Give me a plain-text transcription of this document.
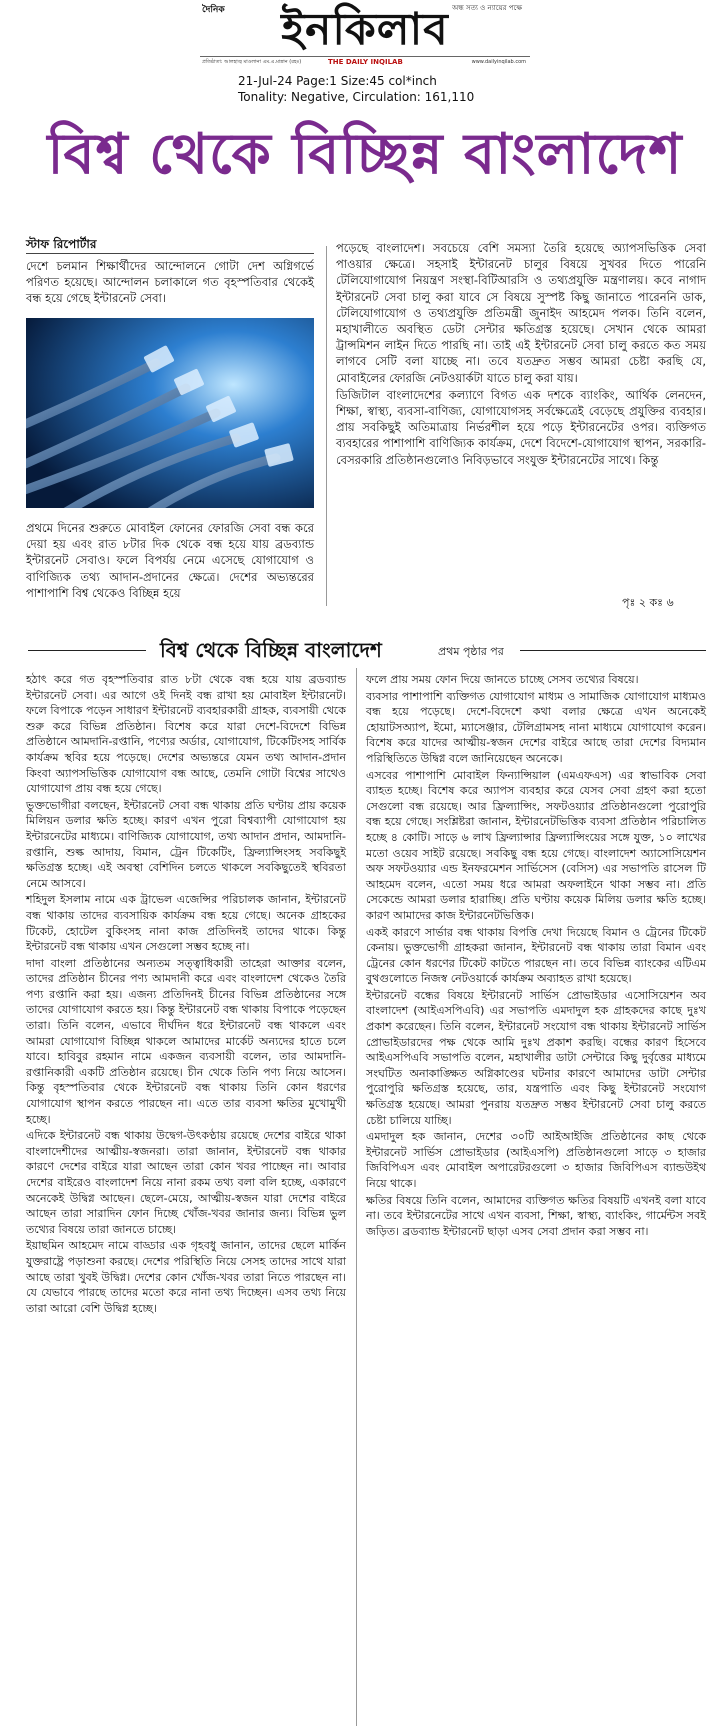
দৈনিক	অন্ধ সত্য ও ন্যায়ের পক্ষে
ইনকিলাব
প্রতিষ্ঠাতা: আলহাজ্ব মাওলানা এম.এ.মান্নান (রহঃ)	THE DAILY INQILAB	www.dailyinqilab.com
21-Jul-24 Page:1 Size:45 col*inch
Tonality: Negative, Circulation: 161,110
বিশ্ব থেকে বিচ্ছিন্ন বাংলাদেশ
স্টাফ রিপোর্টার

দেশে চলমান শিক্ষার্থীদের আন্দোলনে গোটা দেশ অগ্নিগর্ভে পরিণত হয়েছে। আন্দোলন চলাকালে গত বৃহস্পতিবার থেকেই বন্ধ হয়ে গেছে ইন্টারনেট সেবা।

প্রথমে দিনের শুরুতে মোবাইল ফোনের ফোরজি সেবা বন্ধ করে দেয়া হয় এবং রাত ৮টার দিক থেকে বন্ধ হয়ে যায় ব্রডব্যান্ড ইন্টারনেট সেবাও। ফলে বিপর্যয় নেমে এসেছে যোগাযোগ ও বাণিজ্যিক তথ্য আদান-প্রদানের ক্ষেত্রে। দেশের অভ্যন্তরের পাশাপাশি বিশ্ব থেকেও বিচ্ছিন্ন হয়ে

পড়েছে বাংলাদেশ। সবচেয়ে বেশি সমস্যা তৈরি হয়েছে অ্যাপসভিত্তিক সেবা পাওয়ার ক্ষেত্রে। সহসাই ইন্টারনেট চালুর বিষয়ে সুখবর দিতে পারেনি টেলিযোগাযোগ নিয়ন্ত্রণ সংস্থা-বিটিআরসি ও তথ্যপ্রযুক্তি মন্ত্রণালয়। কবে নাগাদ ইন্টারনেট সেবা চালু করা যাবে সে বিষয়ে সুস্পষ্ট কিছু জানাতে পারেননি ডাক, টেলিযোগাযোগ ও তথ্যপ্রযুক্তি প্রতিমন্ত্রী জুনাইদ আহমেদ পলক। তিনি বলেন, মহাখালীতে অবস্থিত ডেটা সেন্টার ক্ষতিগ্রস্ত হয়েছে। সেখান থেকে আমরা ট্রান্সমিশন লাইন দিতে পারছি না। তাই এই ইন্টারনেট সেবা চালু করতে কত সময় লাগবে সেটি বলা যাচ্ছে না। তবে যতদ্রুত সম্ভব আমরা চেষ্টা করছি যে, মোবাইলের ফোরজি নেটওয়ার্কটা যাতে চালু করা যায়।

ডিজিটাল বাংলাদেশের কল্যাণে বিগত এক দশকে ব্যাংকিং, আর্থিক লেনদেন, শিক্ষা, স্বাস্থ্য, ব্যবসা-বাণিজ্য, যোগাযোগসহ সর্বক্ষেত্রেই বেড়েছে প্রযুক্তির ব্যবহার। প্রায় সবকিছুই অতিমাত্রায় নির্ভরশীল হয়ে পড়ে ইন্টারনেটের ওপর। ব্যক্তিগত ব্যবহারের পাশাপাশি বাণিজ্যিক কার্যক্রম, দেশে বিদেশে-যোগাযোগ স্থাপন, সরকারি-বেসরকারি প্রতিষ্ঠানগুলোও নিবিড়ভাবে সংযুক্ত ইন্টারনেটের সাথে। কিন্তু

পৃঃ ২ কঃ ৬
বিশ্ব থেকে বিচ্ছিন্ন বাংলাদেশ	প্রথম পৃষ্ঠার পর

হঠাৎ করে গত বৃহস্পতিবার রাত ৮টা থেকে বন্ধ হয়ে যায় ব্রডব্যান্ড ইন্টারনেট সেবা। এর আগে ওই দিনই বন্ধ রাখা হয় মোবাইল ইন্টারনেট। ফলে বিপাকে পড়েন সাধারণ ইন্টারনেট ব্যবহারকারী গ্রাহক, ব্যবসায়ী থেকে শুরু করে বিভিন্ন প্রতিষ্ঠান। বিশেষ করে যারা দেশে-বিদেশে বিভিন্ন প্রতিষ্ঠানে আমদানি-রপ্তানি, পণ্যের অর্ডার, যোগাযোগ, টিকেটিংসহ সার্বিক কার্যক্রম স্থবির হয়ে পড়েছে। দেশের অভ্যন্তরে যেমন তথ্য আদান-প্রদান কিংবা অ্যাপসভিত্তিক যোগাযোগ বন্ধ আছে, তেমনি গোটা বিশ্বের সাথেও যোগাযোগ প্রায় বন্ধ হয়ে গেছে।

ভুক্তভোগীরা বলছেন, ইন্টারনেট সেবা বন্ধ থাকায় প্রতি ঘণ্টায় প্রায় কয়েক মিলিয়ন ডলার ক্ষতি হচ্ছে। কারণ এখন পুরো বিশ্বব্যাপী যোগাযোগ হয় ইন্টারনেটের মাধ্যমে। বাণিজ্যিক যোগাযোগ, তথ্য আদান প্রদান, আমদানি-রপ্তানি, শুল্ক আদায়, বিমান, ট্রেন টিকেটিং, ফ্রিল্যান্সিংসহ সবকিছুই ক্ষতিগ্রস্ত হচ্ছে। এই অবস্থা বেশিদিন চলতে থাকলে সবকিছুতেই স্থবিরতা নেমে আসবে।

শহিদুল ইসলাম নামে এক ট্রাভেল এজেন্সির পরিচালক জানান, ইন্টারনেট বন্ধ থাকায় তাদের ব্যবসায়িক কার্যক্রম বন্ধ হয়ে গেছে। অনেক গ্রাহকের টিকেট, হোটেল বুকিংসহ নানা কাজ প্রতিদিনই তাদের থাকে। কিন্তু ইন্টারনেট বন্ধ থাকায় এখন সেগুলো সম্ভব হচ্ছে না।

দাদা বাংলা প্রতিষ্ঠানের অন্যতম সত্ত্বাধিকারী তাহেরা আক্তার বলেন, তাদের প্রতিষ্ঠান চীনের পণ্য আমদানী করে এবং বাংলাদেশ থেকেও তৈরি পণ্য রপ্তানি করা হয়। এজন্য প্রতিদিনই চীনের বিভিন্ন প্রতিষ্ঠানের সঙ্গে তাদের যোগাযোগ করতে হয়। কিন্তু ইন্টারনেট বন্ধ থাকায় বিপাকে পড়েছেন তারা। তিনি বলেন, এভাবে দীর্ঘদিন ধরে ইন্টারনেট বন্ধ থাকলে এবং আমরা যোগাযোগ বিচ্ছিন্ন থাকলে আমাদের মার্কেট অন্যদের হাতে চলে যাবে। হাবিবুর রহমান নামে একজন ব্যবসায়ী বলেন, তার আমদানি-রপ্তানিকারী একটি প্রতিষ্ঠান রয়েছে। চীন থেকে তিনি পণ্য নিয়ে আসেন। কিন্তু বৃহস্পতিবার থেকে ইন্টারনেট বন্ধ থাকায় তিনি কোন ধরণের যোগাযোগ স্থাপন করতে পারছেন না। এতে তার ব্যবসা ক্ষতির মুখোমুখী হচ্ছে।

এদিকে ইন্টারনেট বন্ধ থাকায় উদ্বেগ-উৎকণ্ঠায় রয়েছে দেশের বাইরে থাকা বাংলাদেশীদের আত্মীয়-স্বজনরা। তারা জানান, ইন্টারনেট বন্ধ থাকার কারণে দেশের বাইরে যারা আছেন তারা কোন খবর পাচ্ছেন না। আবার দেশের বাইরেও বাংলাদেশ নিয়ে নানা রকম তথ্য বলা বলি হচ্ছে, একারণে অনেকেই উদ্বিগ্ন আছেন। ছেলে-মেয়ে, আত্মীয়-স্বজন যারা দেশের বাইরে আছেন তারা সারাদিন ফোন দিচ্ছে খোঁজ-খবর জানার জন্য। বিভিন্ন ভুল তথ্যের বিষয়ে তারা জানতে চাচ্ছে।

ইয়াছমিন আহমেদ নামে বাড্ডার এক গৃহবধু জানান, তাদের ছেলে মার্কিন যুক্তরাষ্ট্রে পড়াশুনা করছে। দেশের পরিস্থিতি নিয়ে সেসহ তাদের সাথে যারা আছে তারা খুবই উদ্বিগ্ন। দেশের কোন খোঁজ-খবর তারা নিতে পারছেন না। যে যেভাবে পারছে তাদের মতো করে নানা তথ্য দিচ্ছেন। এসব তথ্য নিয়ে তারা আরো বেশি উদ্বিগ্ন হচ্ছে।

ফলে প্রায় সময় ফোন দিয়ে জানতে চাচ্ছে সেসব তথ্যের বিষয়ে।

ব্যবসার পাশাপাশি ব্যক্তিগত যোগাযোগ মাধ্যম ও সামাজিক যোগাযোগ মাধ্যমও বন্ধ হয়ে পড়েছে। দেশে-বিদেশে কথা বলার ক্ষেত্রে এখন অনেকেই হোয়াটসঅ্যাপ, ইমো, ম্যাসেঞ্জার, টেলিগ্রামসহ নানা মাধ্যমে যোগাযোগ করেন। বিশেষ করে যাদের আত্মীয়-স্বজন দেশের বাইরে আছে তারা দেশের বিদ্যমান পরিস্থিতিতে উদ্বিগ্ন বলে জানিয়েছেন অনেকে।

এসবের পাশাপাশি মোবাইল ফিন্যান্সিয়াল (এমএফএস) এর স্বাভাবিক সেবা ব্যাহত হচ্ছে। বিশেষ করে অ্যাপস ব্যবহার করে যেসব সেবা গ্রহণ করা হতো সেগুলো বন্ধ রয়েছে। আর ফ্রিল্যান্সিং, সফটওয়্যার প্রতিষ্ঠানগুলো পুরোপুরি বন্ধ হয়ে গেছে। সংশ্লিষ্টরা জানান, ইন্টারনেটভিত্তিক ব্যবসা প্রতিষ্ঠান পরিচালিত হচ্ছে ৪ কোটি। সাড়ে ৬ লাখ ফ্রিল্যান্সার ফ্রিল্যান্সিংয়ের সঙ্গে যুক্ত, ১০ লাখের মতো ওয়েব সাইট রয়েছে। সবকিছু বন্ধ হয়ে গেছে। বাংলাদেশ অ্যাসোসিয়েশন অফ সফটওয়্যার এন্ড ইনফরমেশন সার্ভিসেস (বেসিস) এর সভাপতি রাসেল টি আহমেদ বলেন, এতো সময় ধরে আমরা অফলাইনে থাকা সম্ভব না। প্রতি সেকেন্ডে আমরা ডলার হারাচ্ছি। প্রতি ঘণ্টায় কয়েক মিলিয় ডলার ক্ষতি হচ্ছে। কারণ আমাদের কাজ ইন্টারনেটভিত্তিক।

একই কারণে সার্ভার বন্ধ থাকায় বিপত্তি দেখা দিয়েছে বিমান ও ট্রেনের টিকেট কেনায়। ভুক্তভোগী গ্রাহকরা জানান, ইন্টারনেট বন্ধ থাকায় তারা বিমান এবং ট্রেনের কোন ধরণের টিকেট কাটতে পারছেন না। তবে বিভিন্ন ব্যাংকের এটিএম বুথগুলোতে নিজস্ব নেটওয়ার্কে কার্যক্রম অব্যাহত রাখা হয়েছে।

ইন্টারনেট বন্ধের বিষয়ে ইন্টারনেট সার্ভিস প্রোভাইডার এসোসিয়েশন অব বাংলাদেশ (আইএসপিএবি) এর সভাপতি এমদাদুল হক গ্রাহকদের কাছে দুঃখ প্রকাশ করেছেন। তিনি বলেন, ইন্টারনেট সংযোগ বন্ধ থাকায় ইন্টারনেট সার্ভিস প্রোভাইডারদের পক্ষ থেকে আমি দুঃখ প্রকাশ করছি। বন্ধের কারণ হিসেবে আইএসপিএবি সভাপতি বলেন, মহাখালীর ডাটা সেন্টারে কিছু দুর্বৃত্তের মাধ্যমে সংঘটিত অনাকাঙ্ক্ষিত অগ্নিকাণ্ডের ঘটনার কারণে আমাদের ডাটা সেন্টার পুরোপুরি ক্ষতিগ্রস্ত হয়েছে, তার, যন্ত্রপাতি এবং কিছু ইন্টারনেট সংযোগ ক্ষতিগ্রস্ত হয়েছে। আমরা পুনরায় যতদ্রুত সম্ভব ইন্টারনেট সেবা চালু করতে চেষ্টা চালিয়ে যাচ্ছি।

এমদাদুল হক জানান, দেশের ৩০টি আইআইজি প্রতিষ্ঠানের কাছ থেকে ইন্টারনেট সার্ভিস প্রোভাইডার (আইএসপি) প্রতিষ্ঠানগুলো সাড়ে ৩ হাজার জিবিপিএস এবং মোবাইল অপারেটরগুলো ৩ হাজার জিবিপিএস ব্যান্ডউইথ নিয়ে থাকে।

ক্ষতির বিষয়ে তিনি বলেন, আমাদের ব্যক্তিগত ক্ষতির বিষয়টি এখনই বলা যাবে না। তবে ইন্টারনেটের সাথে এখন ব্যবসা, শিক্ষা, স্বাস্থ্য, ব্যাংকিং, গার্মেন্টস সবই জড়িত। ব্রডব্যান্ড ইন্টারনেট ছাড়া এসব সেবা প্রদান করা সম্ভব না।
